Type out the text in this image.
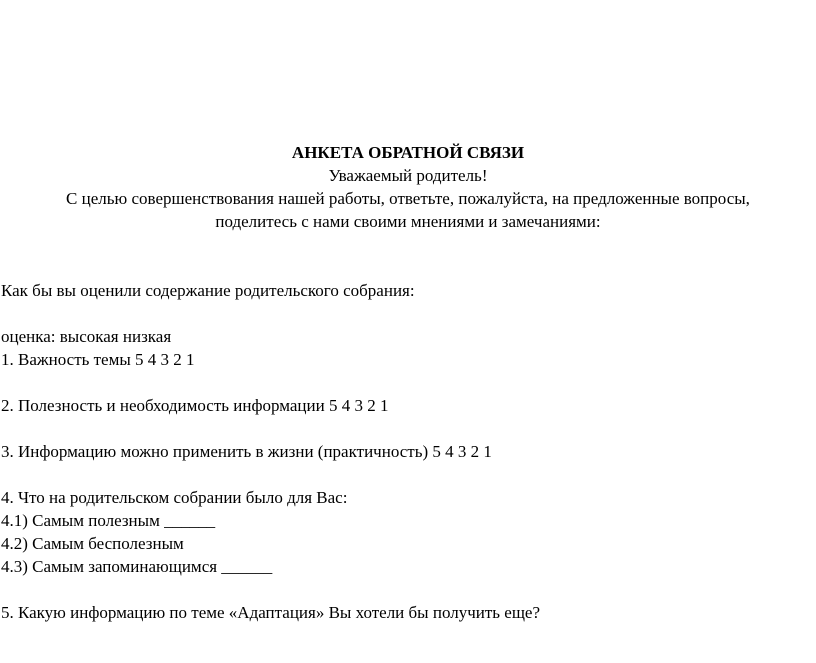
АНКЕТА ОБРАТНОЙ СВЯЗИ
Уважаемый родитель!
С целью совершенствования нашей работы, ответьте, пожалуйста, на предложенные вопросы,
поделитесь с нами своими мнениями и замечаниями:
Как бы вы оценили содержание родительского собрания:
оценка: высокая низкая
1. Важность темы 5 4 3 2 1
2. Полезность и необходимость информации 5 4 3 2 1
3. Информацию можно применить в жизни (практичность) 5 4 3 2 1
4. Что на родительском собрании было для Вас:
4.1) Самым полезным ______
4.2) Самым бесполезным
4.3) Самым запоминающимся ______
5. Какую информацию по теме «Адаптация» Вы хотели бы получить еще?
